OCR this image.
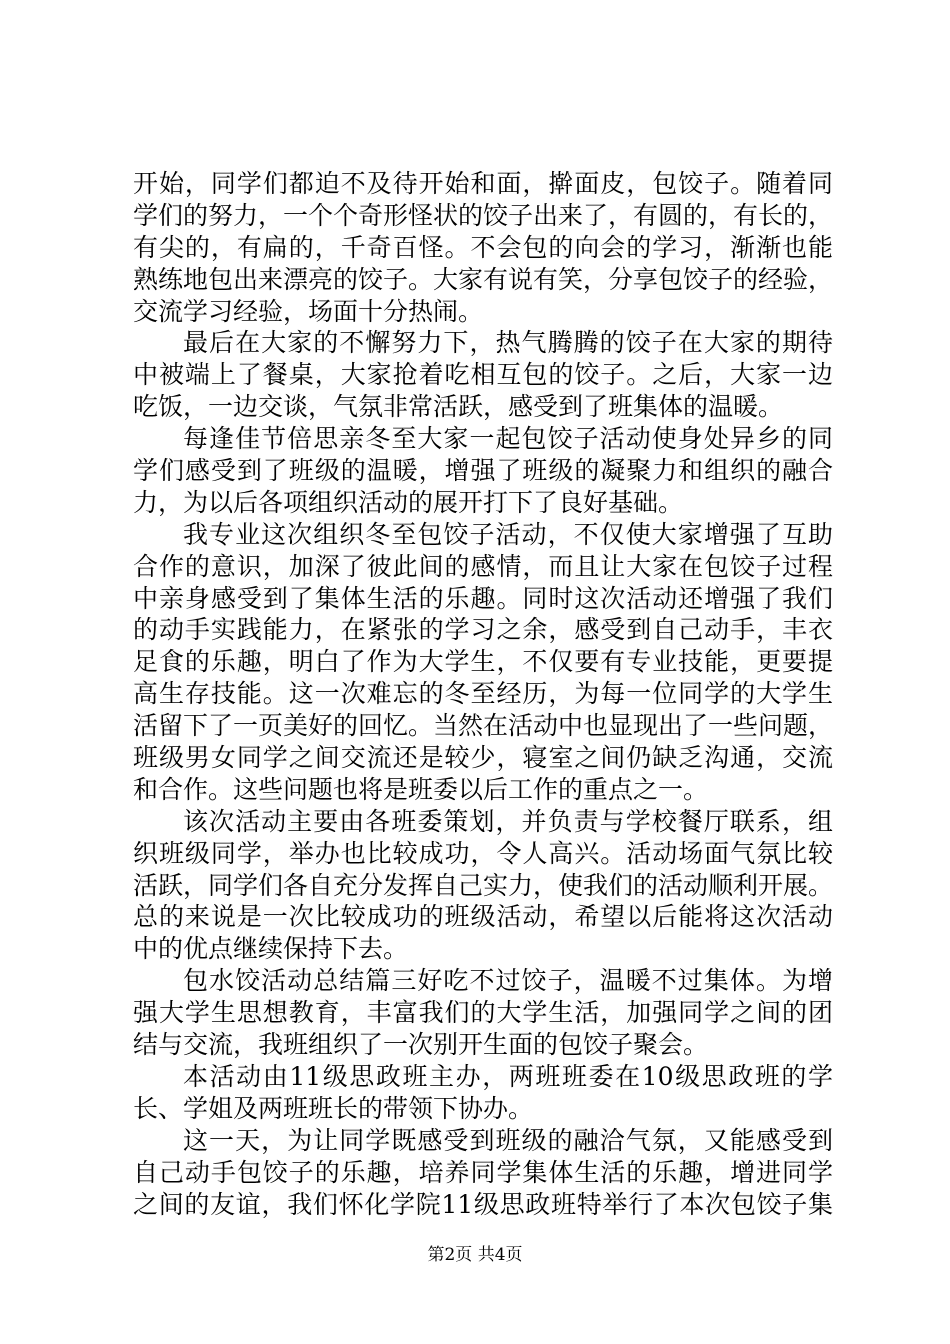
开始，同学们都迫不及待开始和面，擀面皮，包饺子。随着同
学们的努力，一个个奇形怪状的饺子出来了，有圆的，有长的，
有尖的，有扁的，千奇百怪。不会包的向会的学习，渐渐也能
熟练地包出来漂亮的饺子。大家有说有笑，分享包饺子的经验，
交流学习经验，场面十分热闹。
最后在大家的不懈努力下，热气腾腾的饺子在大家的期待
中被端上了餐桌，大家抢着吃相互包的饺子。之后，大家一边
吃饭，一边交谈，气氛非常活跃，感受到了班集体的温暖。
每逢佳节倍思亲冬至大家一起包饺子活动使身处异乡的同
学们感受到了班级的温暖，增强了班级的凝聚力和组织的融合
力，为以后各项组织活动的展开打下了良好基础。
我专业这次组织冬至包饺子活动，不仅使大家增强了互助
合作的意识，加深了彼此间的感情，而且让大家在包饺子过程
中亲身感受到了集体生活的乐趣。同时这次活动还增强了我们
的动手实践能力，在紧张的学习之余，感受到自己动手，丰衣
足食的乐趣，明白了作为大学生，不仅要有专业技能，更要提
高生存技能。这一次难忘的冬至经历，为每一位同学的大学生
活留下了一页美好的回忆。当然在活动中也显现出了一些问题，
班级男女同学之间交流还是较少，寝室之间仍缺乏沟通，交流
和合作。这些问题也将是班委以后工作的重点之一。
该次活动主要由各班委策划，并负责与学校餐厅联系，组
织班级同学，举办也比较成功，令人高兴。活动场面气氛比较
活跃，同学们各自充分发挥自己实力，使我们的活动顺利开展。
总的来说是一次比较成功的班级活动，希望以后能将这次活动
中的优点继续保持下去。
包水饺活动总结篇三好吃不过饺子，温暖不过集体。为增
强大学生思想教育，丰富我们的大学生活，加强同学之间的团
结与交流，我班组织了一次别开生面的包饺子聚会。
本活动由11级思政班主办，两班班委在10级思政班的学
长、学姐及两班班长的带领下协办。
这一天，为让同学既感受到班级的融洽气氛，又能感受到
自己动手包饺子的乐趣，培养同学集体生活的乐趣，增进同学
之间的友谊，我们怀化学院11级思政班特举行了本次包饺子集
第2页 共4页
